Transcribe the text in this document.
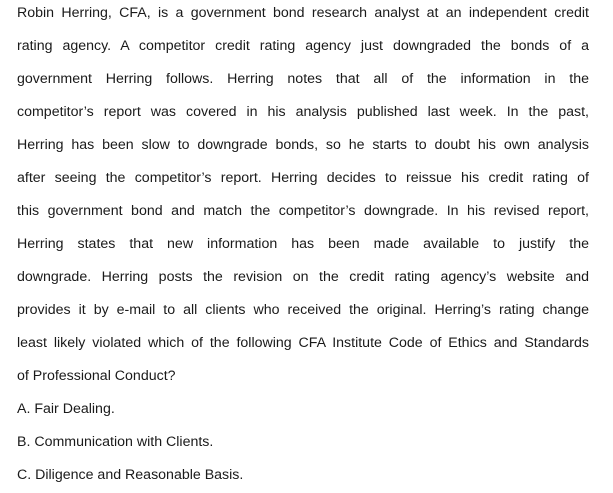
Robin Herring, CFA, is a government bond research analyst at an independent credit
rating agency. A competitor credit rating agency just downgraded the bonds of a
government Herring follows. Herring notes that all of the information in the
competitor’s report was covered in his analysis published last week. In the past,
Herring has been slow to downgrade bonds, so he starts to doubt his own analysis
after seeing the competitor’s report. Herring decides to reissue his credit rating of
this government bond and match the competitor’s downgrade. In his revised report,
Herring states that new information has been made available to justify the
downgrade. Herring posts the revision on the credit rating agency’s website and
provides it by e-mail to all clients who received the original. Herring’s rating change
least likely violated which of the following CFA Institute Code of Ethics and Standards
of Professional Conduct?
A. Fair Dealing.
B. Communication with Clients.
C. Diligence and Reasonable Basis.
